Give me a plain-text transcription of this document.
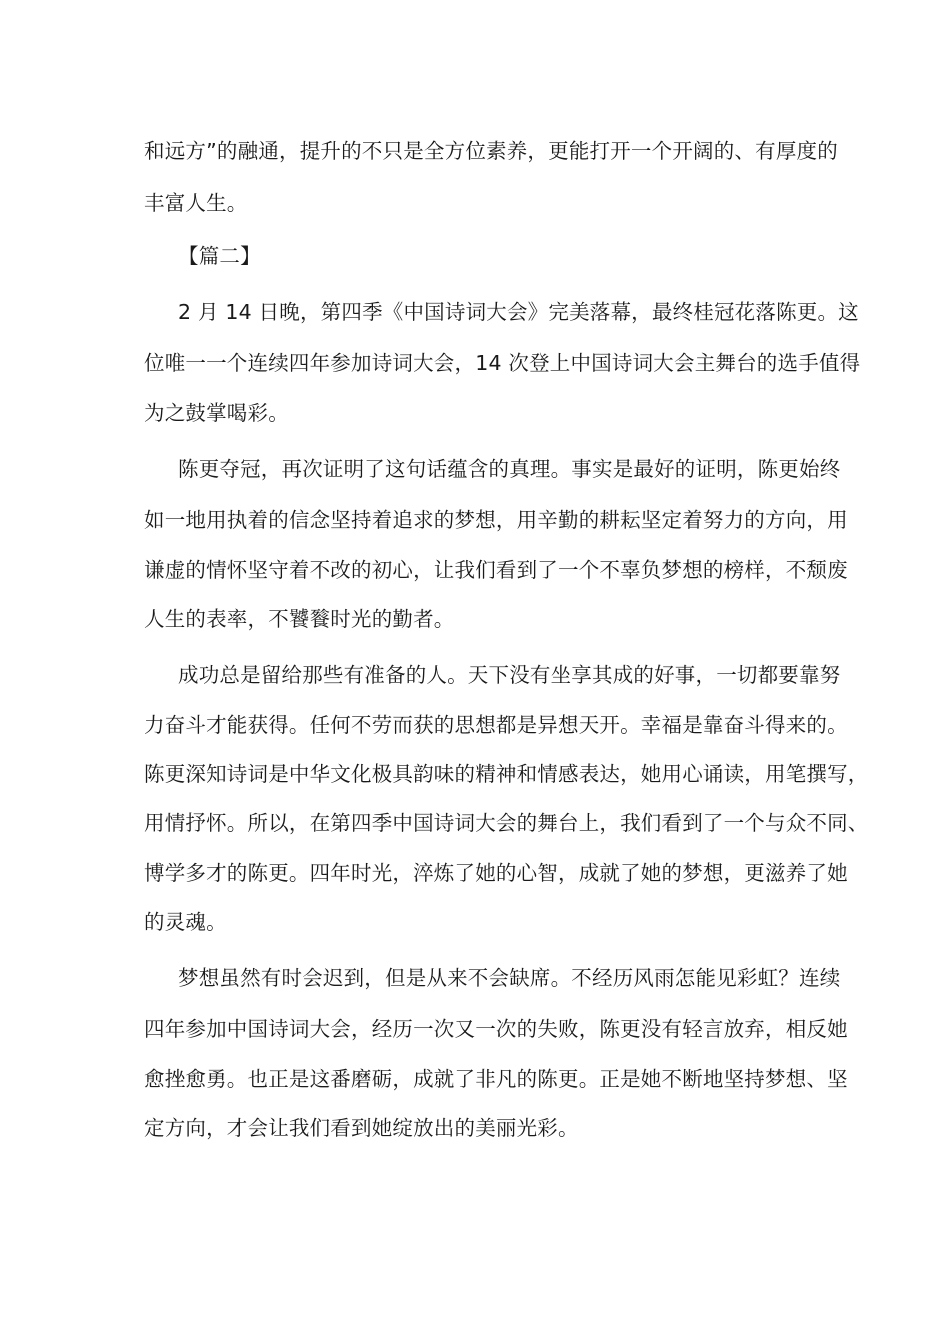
和远方”的融通，提升的不只是全方位素养，更能打开一个开阔的、有厚度的
丰富人生。
【篇二】
2 月 14 日晚，第四季《中国诗词大会》完美落幕，最终桂冠花落陈更。这
位唯一一个连续四年参加诗词大会，14 次登上中国诗词大会主舞台的选手值得
为之鼓掌喝彩。
陈更夺冠，再次证明了这句话蕴含的真理。事实是最好的证明，陈更始终
如一地用执着的信念坚持着追求的梦想，用辛勤的耕耘坚定着努力的方向，用
谦虚的情怀坚守着不改的初心，让我们看到了一个不辜负梦想的榜样，不颓废
人生的表率，不饕餮时光的勤者。
成功总是留给那些有准备的人。天下没有坐享其成的好事，一切都要靠努
力奋斗才能获得。任何不劳而获的思想都是异想天开。幸福是靠奋斗得来的。
陈更深知诗词是中华文化极具韵味的精神和情感表达，她用心诵读，用笔撰写，
用情抒怀。所以，在第四季中国诗词大会的舞台上，我们看到了一个与众不同、
博学多才的陈更。四年时光，淬炼了她的心智，成就了她的梦想，更滋养了她
的灵魂。
梦想虽然有时会迟到，但是从来不会缺席。不经历风雨怎能见彩虹？连续
四年参加中国诗词大会，经历一次又一次的失败，陈更没有轻言放弃，相反她
愈挫愈勇。也正是这番磨砺，成就了非凡的陈更。正是她不断地坚持梦想、坚
定方向，才会让我们看到她绽放出的美丽光彩。
